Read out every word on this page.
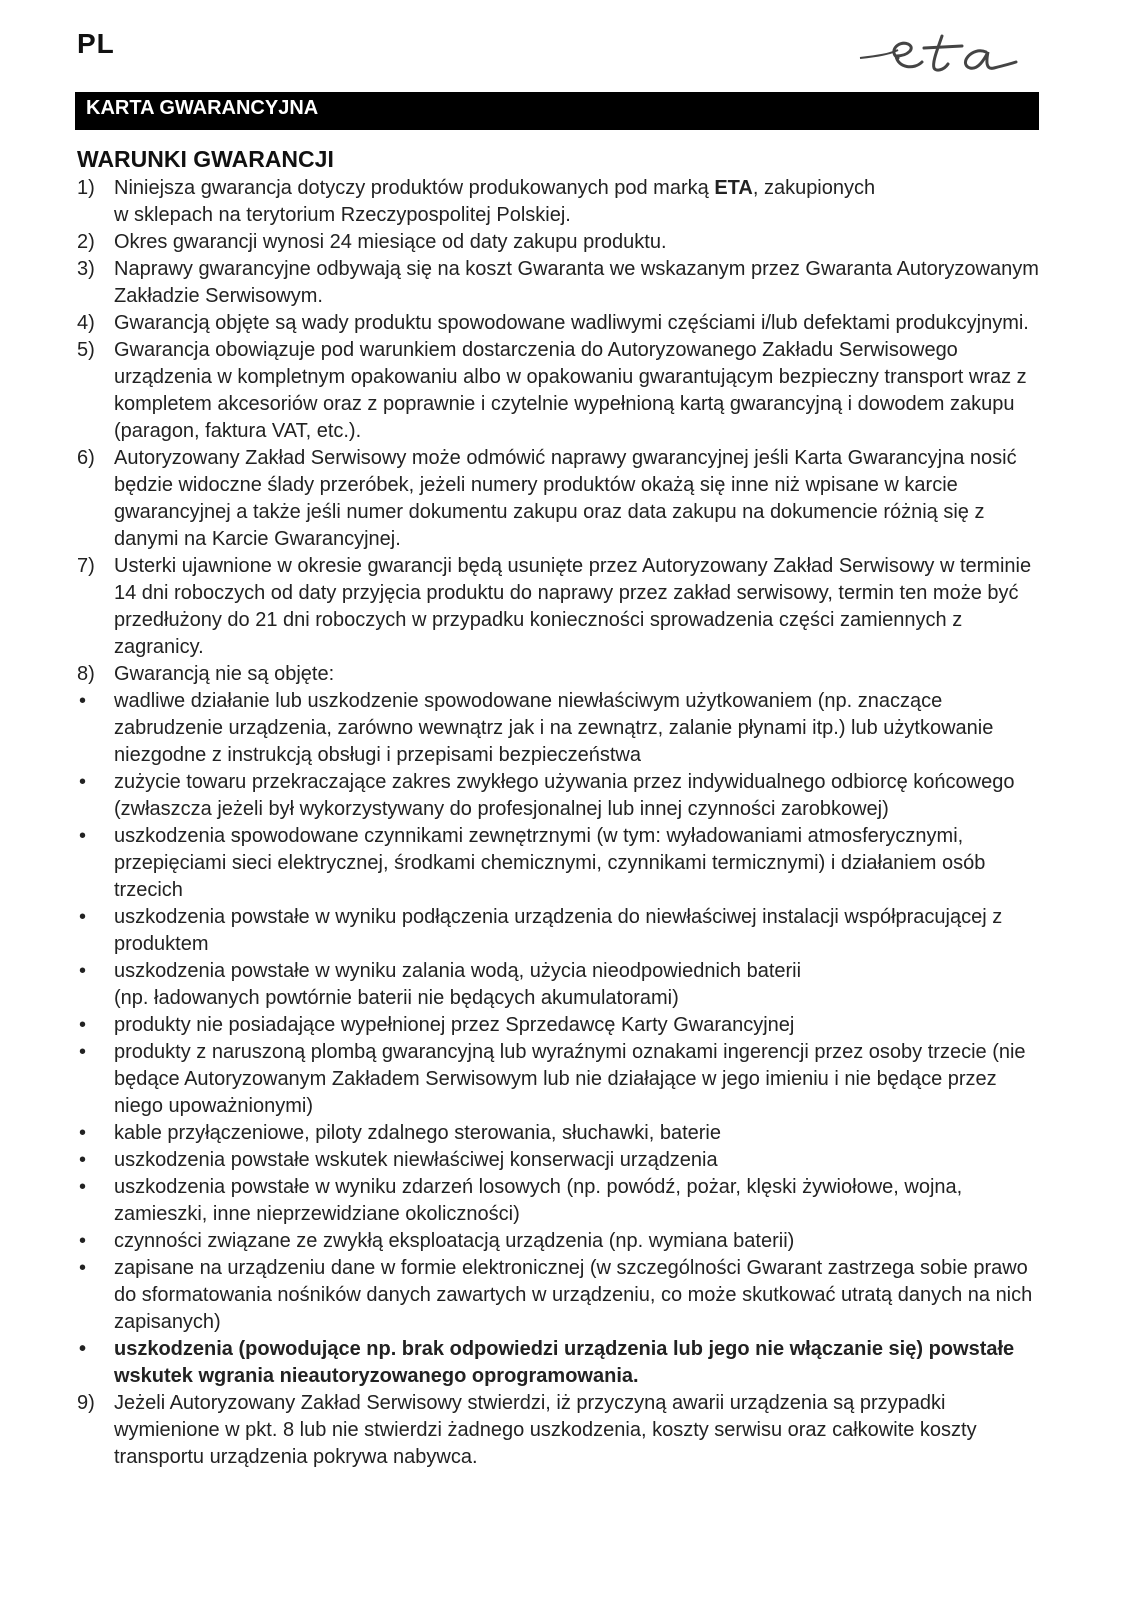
PL
KARTA GWARANCYJNA
WARUNKI GWARANCJI
1) Niniejsza gwarancja dotyczy produktów produkowanych pod marką ETA, zakupionych
w sklepach na terytorium Rzeczypospolitej Polskiej.
2) Okres gwarancji wynosi 24 miesiące od daty zakupu produktu.
3) Naprawy gwarancyjne odbywają się na koszt Gwaranta we wskazanym przez Gwaranta Autoryzowanym Zakładzie Serwisowym.
4) Gwarancją objęte są wady produktu spowodowane wadliwymi częściami i/lub defektami produkcyjnymi.
5) Gwarancja obowiązuje pod warunkiem dostarczenia do Autoryzowanego Zakładu Serwisowego urządzenia w kompletnym opakowaniu albo w opakowaniu gwarantującym bezpieczny transport wraz z kompletem akcesoriów oraz z poprawnie i czytelnie wypełnioną kartą gwarancyjną i dowodem zakupu (paragon, faktura VAT, etc.).
6) Autoryzowany Zakład Serwisowy może odmówić naprawy gwarancyjnej jeśli Karta Gwarancyjna nosić będzie widoczne ślady przeróbek, jeżeli numery produktów okażą się inne niż wpisane w karcie gwarancyjnej a także jeśli numer dokumentu zakupu oraz data zakupu na dokumencie różnią się z danymi na Karcie Gwarancyjnej.
7) Usterki ujawnione w okresie gwarancji będą usunięte przez Autoryzowany Zakład Serwisowy w terminie 14 dni roboczych od daty przyjęcia produktu do naprawy przez zakład serwisowy, termin ten może być przedłużony do 21 dni roboczych w przypadku konieczności sprowadzenia części zamiennych z zagranicy.
8) Gwarancją nie są objęte:
•	wadliwe działanie lub uszkodzenie spowodowane niewłaściwym użytkowaniem (np. znaczące zabrudzenie urządzenia, zarówno wewnątrz jak i na zewnątrz, zalanie płynami itp.) lub użytkowanie niezgodne z instrukcją obsługi i przepisami bezpieczeństwa
•	zużycie towaru przekraczające zakres zwykłego używania przez indywidualnego odbiorcę końcowego (zwłaszcza jeżeli był wykorzystywany do profesjonalnej lub innej czynności zarobkowej)
•	uszkodzenia spowodowane czynnikami zewnętrznymi (w tym: wyładowaniami atmosferycznymi, przepięciami sieci elektrycznej, środkami chemicznymi, czynnikami termicznymi) i działaniem osób trzecich
•	uszkodzenia powstałe w wyniku podłączenia urządzenia do niewłaściwej instalacji współpracującej z produktem
•	uszkodzenia powstałe w wyniku zalania wodą, użycia nieodpowiednich baterii
(np. ładowanych powtórnie baterii nie będących akumulatorami)
•	produkty nie posiadające wypełnionej przez Sprzedawcę Karty Gwarancyjnej
•	produkty z naruszoną plombą gwarancyjną lub wyraźnymi oznakami ingerencji przez osoby trzecie (nie będące Autoryzowanym Zakładem Serwisowym lub nie działające w jego imieniu i nie będące przez niego upoważnionymi)
•	kable przyłączeniowe, piloty zdalnego sterowania, słuchawki, baterie
•	uszkodzenia powstałe wskutek niewłaściwej konserwacji urządzenia
•	uszkodzenia powstałe w wyniku zdarzeń losowych (np. powódź, pożar, klęski żywiołowe, wojna, zamieszki, inne nieprzewidziane okoliczności)
•	czynności związane ze zwykłą eksploatacją urządzenia (np. wymiana baterii)
•	zapisane na urządzeniu dane w formie elektronicznej (w szczególności Gwarant zastrzega sobie prawo do sformatowania nośników danych zawartych w urządzeniu, co może skutkować utratą danych na nich zapisanych)
•	uszkodzenia (powodujące np. brak odpowiedzi urządzenia lub jego nie włączanie się) powstałe wskutek wgrania nieautoryzowanego oprogramowania.
9) Jeżeli Autoryzowany Zakład Serwisowy stwierdzi, iż przyczyną awarii urządzenia są przypadki wymienione w pkt. 8 lub nie stwierdzi żadnego uszkodzenia, koszty serwisu oraz całkowite koszty transportu urządzenia pokrywa nabywca.
